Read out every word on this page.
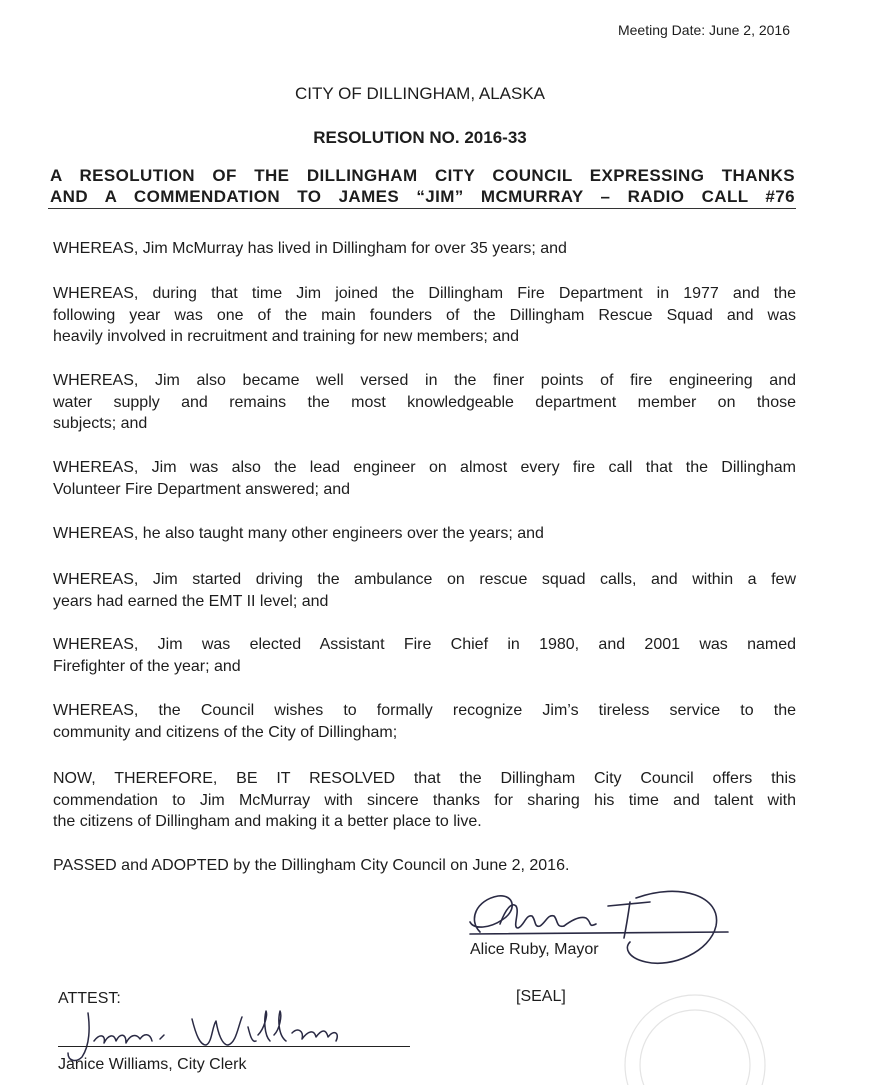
Meeting Date: June 2, 2016
CITY OF DILLINGHAM, ALASKA
RESOLUTION NO. 2016-33
A RESOLUTION OF THE DILLINGHAM CITY COUNCIL EXPRESSING THANKS
AND A COMMENDATION TO JAMES “JIM” MCMURRAY – RADIO CALL #76
WHEREAS, Jim McMurray has lived in Dillingham for over 35 years; and
WHEREAS, during that time Jim joined the Dillingham Fire Department in 1977 and the
following year was one of the main founders of the Dillingham Rescue Squad and was
heavily involved in recruitment and training for new members; and
WHEREAS, Jim also became well versed in the finer points of fire engineering and
water supply and remains the most knowledgeable department member on those
subjects; and
WHEREAS, Jim was also the lead engineer on almost every fire call that the Dillingham
Volunteer Fire Department answered; and
WHEREAS, he also taught many other engineers over the years; and
WHEREAS, Jim started driving the ambulance on rescue squad calls, and within a few
years had earned the EMT II level; and
WHEREAS, Jim was elected Assistant Fire Chief in 1980, and 2001 was named
Firefighter of the year; and
WHEREAS, the Council wishes to formally recognize Jim’s tireless service to the
community and citizens of the City of Dillingham;
NOW, THEREFORE, BE IT RESOLVED that the Dillingham City Council offers this
commendation to Jim McMurray with sincere thanks for sharing his time and talent with
the citizens of Dillingham and making it a better place to live.
PASSED and ADOPTED by the Dillingham City Council on June 2, 2016.
Alice Ruby, Mayor
[SEAL]
ATTEST:
Janice Williams, City Clerk
